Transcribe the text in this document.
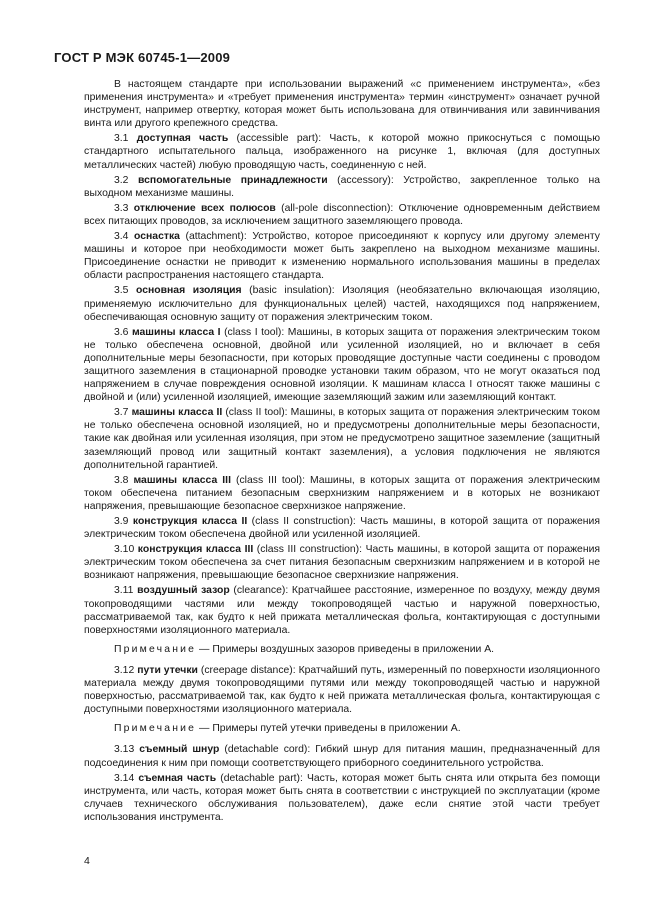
ГОСТ Р МЭК 60745-1—2009

В настоящем стандарте при использовании выражений «с применением инструмента», «без применения инструмента» и «требует применения инструмента» термин «инструмент» означает ручной инструмент, например отвертку, которая может быть использована для отвинчивания или завинчивания винта или другого крепежного средства.

3.1 доступная часть (accessible part): Часть, к которой можно прикоснуться с помощью стандартного испытательного пальца, изображенного на рисунке 1, включая (для доступных металлических частей) любую проводящую часть, соединенную с ней.

3.2 вспомогательные принадлежности (accessory): Устройство, закрепленное только на выходном механизме машины.

3.3 отключение всех полюсов (all-pole disconnection): Отключение одновременным действием всех питающих проводов, за исключением защитного заземляющего провода.

3.4 оснастка (attachment): Устройство, которое присоединяют к корпусу или другому элементу машины и которое при необходимости может быть закреплено на выходном механизме машины. Присоединение оснастки не приводит к изменению нормального использования машины в пределах области распространения настоящего стандарта.

3.5 основная изоляция (basic insulation): Изоляция (необязательно включающая изоляцию, применяемую исключительно для функциональных целей) частей, находящихся под напряжением, обеспечивающая основную защиту от поражения электрическим током.

3.6 машины класса I (class I tool): Машины, в которых защита от поражения электрическим током не только обеспечена основной, двойной или усиленной изоляцией, но и включает в себя дополнительные меры безопасности, при которых проводящие доступные части соединены с проводом защитного заземления в стационарной проводке установки таким образом, что не могут оказаться под напряжением в случае повреждения основной изоляции. К машинам класса I относят также машины с двойной и (или) усиленной изоляцией, имеющие заземляющий зажим или заземляющий контакт.

3.7 машины класса II (class II tool): Машины, в которых защита от поражения электрическим током не только обеспечена основной изоляцией, но и предусмотрены дополнительные меры безопасности, такие как двойная или усиленная изоляция, при этом не предусмотрено защитное заземление (защитный заземляющий провод или защитный контакт заземления), а условия подключения не являются дополнительной гарантией.

3.8 машины класса III (class III tool): Машины, в которых защита от поражения электрическим током обеспечена питанием безопасным сверхнизким напряжением и в которых не возникают напряжения, превышающие безопасное сверхнизкое напряжение.

3.9 конструкция класса II (class II construction): Часть машины, в которой защита от поражения электрическим током обеспечена двойной или усиленной изоляцией.

3.10 конструкция класса III (class III construction): Часть машины, в которой защита от поражения электрическим током обеспечена за счет питания безопасным сверхнизким напряжением и в которой не возникают напряжения, превышающие безопасное сверхнизкие напряжения.

3.11 воздушный зазор (clearance): Кратчайшее расстояние, измеренное по воздуху, между двумя токопроводящими частями или между токопроводящей частью и наружной поверхностью, рассматриваемой так, как будто к ней прижата металлическая фольга, контактирующая с доступными поверхностями изоляционного материала.

Примечание — Примеры воздушных зазоров приведены в приложении А.

3.12 пути утечки (creepage distance): Кратчайший путь, измеренный по поверхности изоляционного материала между двумя токопроводящими путями или между токопроводящей частью и наружной поверхностью, рассматриваемой так, как будто к ней прижата металлическая фольга, контактирующая с доступными поверхностями изоляционного материала.

Примечание — Примеры путей утечки приведены в приложении А.

3.13 съемный шнур (detachable cord): Гибкий шнур для питания машин, предназначенный для подсоединения к ним при помощи соответствующего приборного соединительного устройства.

3.14 съемная часть (detachable part): Часть, которая может быть снята или открыта без помощи инструмента, или часть, которая может быть снята в соответствии с инструкцией по эксплуатации (кроме случаев технического обслуживания пользователем), даже если снятие этой части требует использования инструмента.

4
